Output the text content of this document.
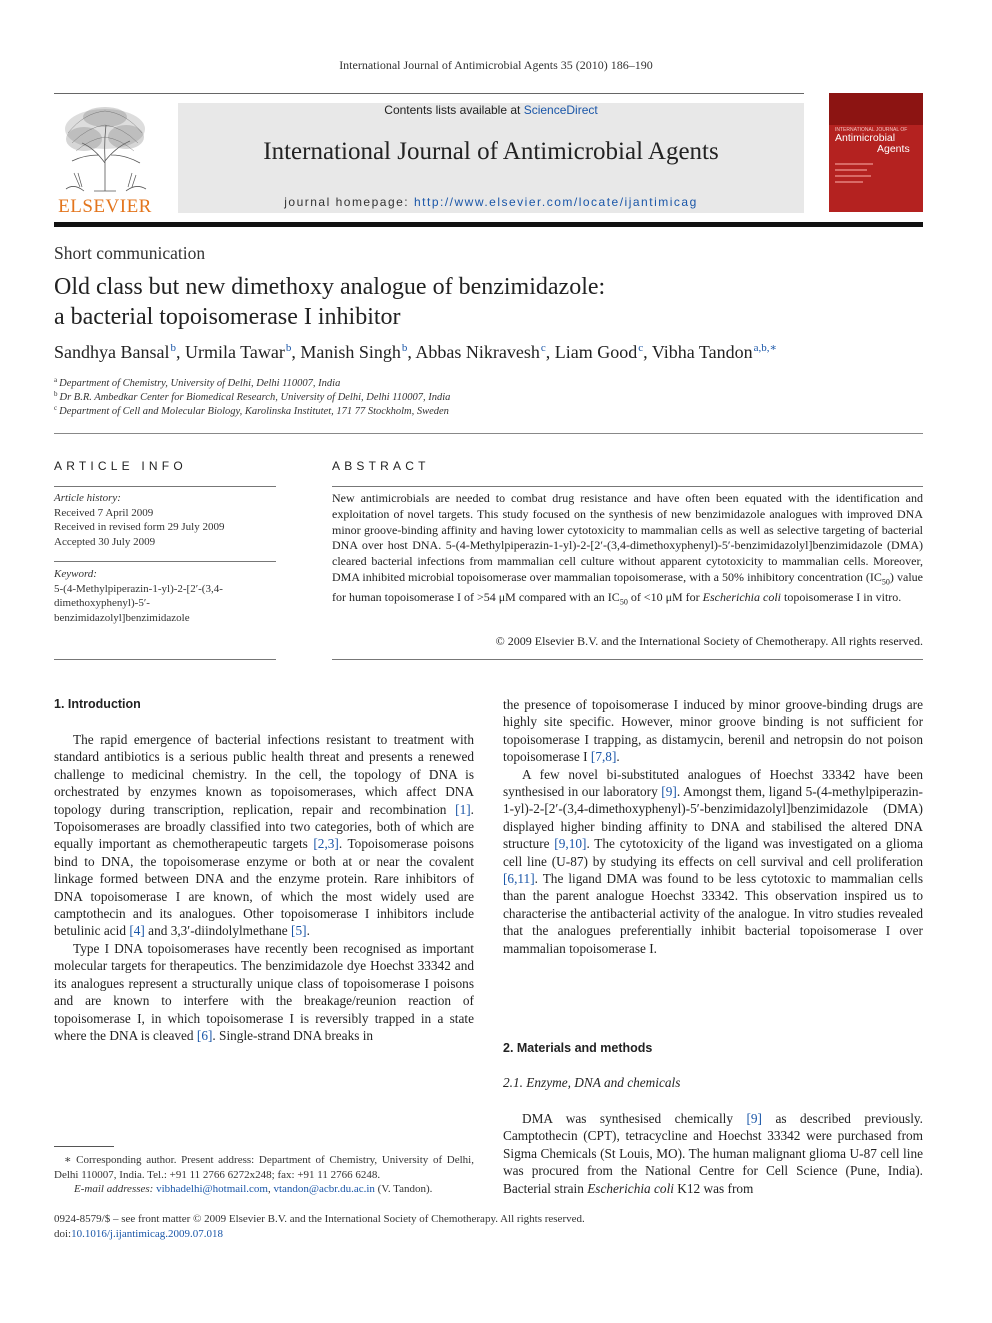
International Journal of Antimicrobial Agents 35 (2010) 186–190
ELSEVIER
Contents lists available at ScienceDirect
International Journal of Antimicrobial Agents
journal homepage: http://www.elsevier.com/locate/ijantimicag
INTERNATIONAL JOURNAL OF
Antimicrobial
Agents
Short communication
Old class but new dimethoxy analogue of benzimidazole:
a bacterial topoisomerase I inhibitor
Sandhya Bansal$^b$, Urmila Tawar$^b$, Manish Singh$^b$, Abbas Nikravesh$^c$, Liam Good$^c$, Vibha Tandon$^{a,b,∗}$
$^a$ Department of Chemistry, University of Delhi, Delhi 110007, India
$^b$ Dr B.R. Ambedkar Center for Biomedical Research, University of Delhi, Delhi 110007, India
$^c$ Department of Cell and Molecular Biology, Karolinska Institutet, 171 77 Stockholm, Sweden
ARTICLE INFO
Article history:
Received 7 April 2009
Received in revised form 29 July 2009
Accepted 30 July 2009
Keyword:
5-(4-Methylpiperazin-1-yl)-2-[2′-(3,4-
dimethoxyphenyl)-5′-
benzimidazolyl]benzimidazole
ABSTRACT
New antimicrobials are needed to combat drug resistance and have often been equated with the identification and exploitation of novel targets. This study focused on the synthesis of new benzimidazole analogues with improved DNA minor groove-binding affinity and having lower cytotoxicity to mammalian cells as well as selective targeting of bacterial DNA over host DNA. 5-(4-Methylpiperazin-1-yl)-2-[2′-(3,4-dimethoxyphenyl)-5′-benzimidazolyl]benzimidazole (DMA) cleared bacterial infections from mammalian cell culture without apparent cytotoxicity to mammalian cells. Moreover, DMA inhibited microbial topoisomerase over mammalian topoisomerase, with a 50% inhibitory concentration $(IC_{50})$ value for human topoisomerase I of >54 μM compared with an $IC_{50}$ of <10 μM for Escherichia coli topoisomerase I in vitro.
© 2009 Elsevier B.V. and the International Society of Chemotherapy. All rights reserved.
1. Introduction

The rapid emergence of bacterial infections resistant to treatment with standard antibiotics is a serious public health threat and presents a renewed challenge to medicinal chemistry. In the cell, the topology of DNA is orchestrated by enzymes known as topoisomerases, which affect DNA topology during transcription, replication, repair and recombination [1]. Topoisomerases are broadly classified into two categories, both of which are equally important as chemotherapeutic targets [2,3]. Topoisomerase poisons bind to DNA, the topoisomerase enzyme or both at or near the covalent linkage formed between DNA and the enzyme protein. Rare inhibitors of DNA topoisomerase I are known, of which the most widely used are camptothecin and its analogues. Other topoisomerase I inhibitors include betulinic acid [4] and 3,3′-diindolylmethane [5].

Type I DNA topoisomerases have recently been recognised as important molecular targets for therapeutics. The benzimidazole dye Hoechst 33342 and its analogues represent a structurally unique class of topoisomerase I poisons and are known to interfere with the breakage/reunion reaction of topoisomerase I, in which topoisomerase I is reversibly trapped in a state where the DNA is cleaved [6]. Single-strand DNA breaks in

the presence of topoisomerase I induced by minor groove-binding drugs are highly site specific. However, minor groove binding is not sufficient for topoisomerase I trapping, as distamycin, berenil and netropsin do not poison topoisomerase I [7,8].

A few novel bi-substituted analogues of Hoechst 33342 have been synthesised in our laboratory [9]. Amongst them, ligand 5-(4-methylpiperazin-1-yl)-2-[2′-(3,4-dimethoxyphenyl)-5′-benzimidazolyl]benzimidazole (DMA) displayed higher binding affinity to DNA and stabilised the altered DNA structure [9,10]. The cytotoxicity of the ligand was investigated on a glioma cell line (U-87) by studying its effects on cell survival and cell proliferation [6,11]. The ligand DMA was found to be less cytotoxic to mammalian cells than the parent analogue Hoechst 33342. This observation inspired us to characterise the antibacterial activity of the analogue. In vitro studies revealed that the analogues preferentially inhibit bacterial topoisomerase I over mammalian topoisomerase I.

2. Materials and methods
2.1. Enzyme, DNA and chemicals

DMA was synthesised chemically [9] as described previously. Camptothecin (CPT), tetracycline and Hoechst 33342 were purchased from Sigma Chemicals (St Louis, MO). The human malignant glioma U-87 cell line was procured from the National Centre for Cell Science (Pune, India). Bacterial strain Escherichia coli K12 was from

∗ Corresponding author. Present address: Department of Chemistry, University of Delhi, Delhi 110007, India. Tel.: +91 11 2766 6272x248; fax: +91 11 2766 6248.
E-mail addresses: vibhadelhi@hotmail.com, vtandon@acbr.du.ac.in (V. Tandon).
0924-8579/$ – see front matter © 2009 Elsevier B.V. and the International Society of Chemotherapy. All rights reserved.
doi:10.1016/j.ijantimicag.2009.07.018
